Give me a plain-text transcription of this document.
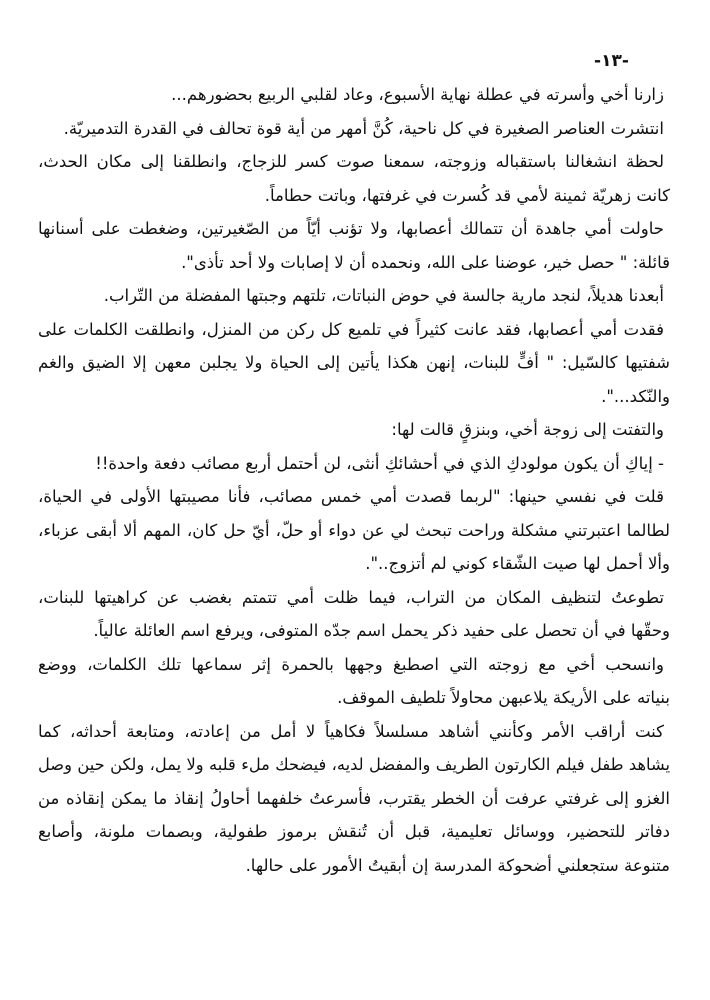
-١٣-
زارنا أخي وأسرته في عطلة نهاية الأسبوع، وعاد لقلبي الربيع بحضورهم...
انتشرت العناصر الصغيرة في كل ناحية، كُنَّ أمهر من أية قوة تحالف في القدرة التدميريّة.
لحظة انشغالنا باستقباله وزوجته، سمعنا صوت كسر للزجاج، وانطلقنا إلى مكان الحدث،
كانت زهريّة ثمينة لأمي قد كُسرت في غرفتها، وباتت حطاماً.
حاولت أمي جاهدة أن تتمالك أعصابها، ولا تؤنب أيّاً من الصّغيرتين، وضغطت على أسنانها
قائلة: " حصل خير، عوضنا على الله، ونحمده أن لا إصابات ولا أحد تأذى".
أبعدنا هديلاً، لنجد مارية جالسة في حوض النباتات، تلتهم وجبتها المفضلة من التّراب.
فقدت أمي أعصابها، فقد عانت كثيراً في تلميع كل ركن من المنزل، وانطلقت الكلمات على
شفتيها كالسّيل: " أفٍّ للبنات، إنهن هكذا يأتين إلى الحياة ولا يجلبن معهن إلا الضيق والغم
والنّكد...".
والتفتت إلى زوجة أخي، وبنزقٍ قالت لها:
- إياكِ أن يكون مولودكِ الذي في أحشائكِ أنثى، لن أحتمل أربع مصائب دفعة واحدة!!
قلت في نفسي حينها: "لربما قصدت أمي خمس مصائب، فأنا مصيبتها الأولى في الحياة،
لطالما اعتبرتني مشكلة وراحت تبحث لي عن دواء أو حلّ، أيّ حل كان، المهم ألا أبقى عزباء،
وألا أحمل لها صيت الشّقاء كوني لم أتزوج..".
تطوعتُ لتنظيف المكان من التراب، فيما ظلت أمي تتمتم بغضب عن كراهيتها للبنات،
وحقّها في أن تحصل على حفيد ذكر يحمل اسم جدّه المتوفى، ويرفع اسم العائلة عالياً.
وانسحب أخي مع زوجته التي اصطبغ وجهها بالحمرة إثر سماعها تلك الكلمات، ووضع
بنياته على الأريكة يلاعبهن محاولاً تلطيف الموقف.
كنت أراقب الأمر وكأنني أشاهد مسلسلاً فكاهياً لا أمل من إعادته، ومتابعة أحداثه، كما
يشاهد طفل فيلم الكارتون الطريف والمفضل لديه، فيضحك ملء قلبه ولا يمل، ولكن حين وصل
الغزو إلى غرفتي عرفت أن الخطر يقترب، فأسرعتُ خلفهما أحاولُ إنقاذ ما يمكن إنقاذه من
دفاتر للتحضير، ووسائل تعليمية، قبل أن تُنقش برموز طفولية، وبصمات ملونة، وأصابع
متنوعة ستجعلني أضحوكة المدرسة إن أبقيتُ الأمور على حالها.
